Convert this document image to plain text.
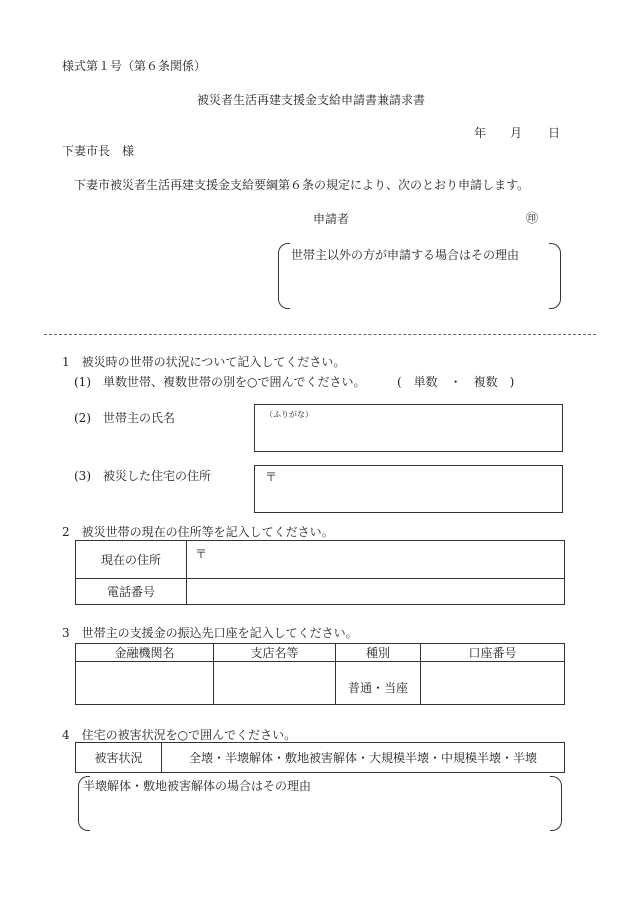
様式第１号（第６条関係）
被災者生活再建支援金支給申請書兼請求書
年 月 日
下妻市長　様
下妻市被災者生活再建支援金支給要綱第６条の規定により、次のとおり申請します。
申請者	㊞
世帯主以外の方が申請する場合はその理由
1　被災時の世帯の状況について記入してください。
(1)　単数世帯、複数世帯の別を○で囲んでください。	(　単数　・　複数　)
(2)　世帯主の氏名	（ふりがな）
(3)　被災した住宅の住所	〒
2　被災世帯の現在の住所等を記入してください。
現在の住所	〒
電話番号	
3　世帯主の支援金の振込先口座を記入してください。
金融機関名	支店名等	種別	口座番号
		普通・当座	
4　住宅の被害状況を○で囲んでください。
被害状況	全壊・半壊解体・敷地被害解体・大規模半壊・中規模半壊・半壊
半壊解体・敷地被害解体の場合はその理由
